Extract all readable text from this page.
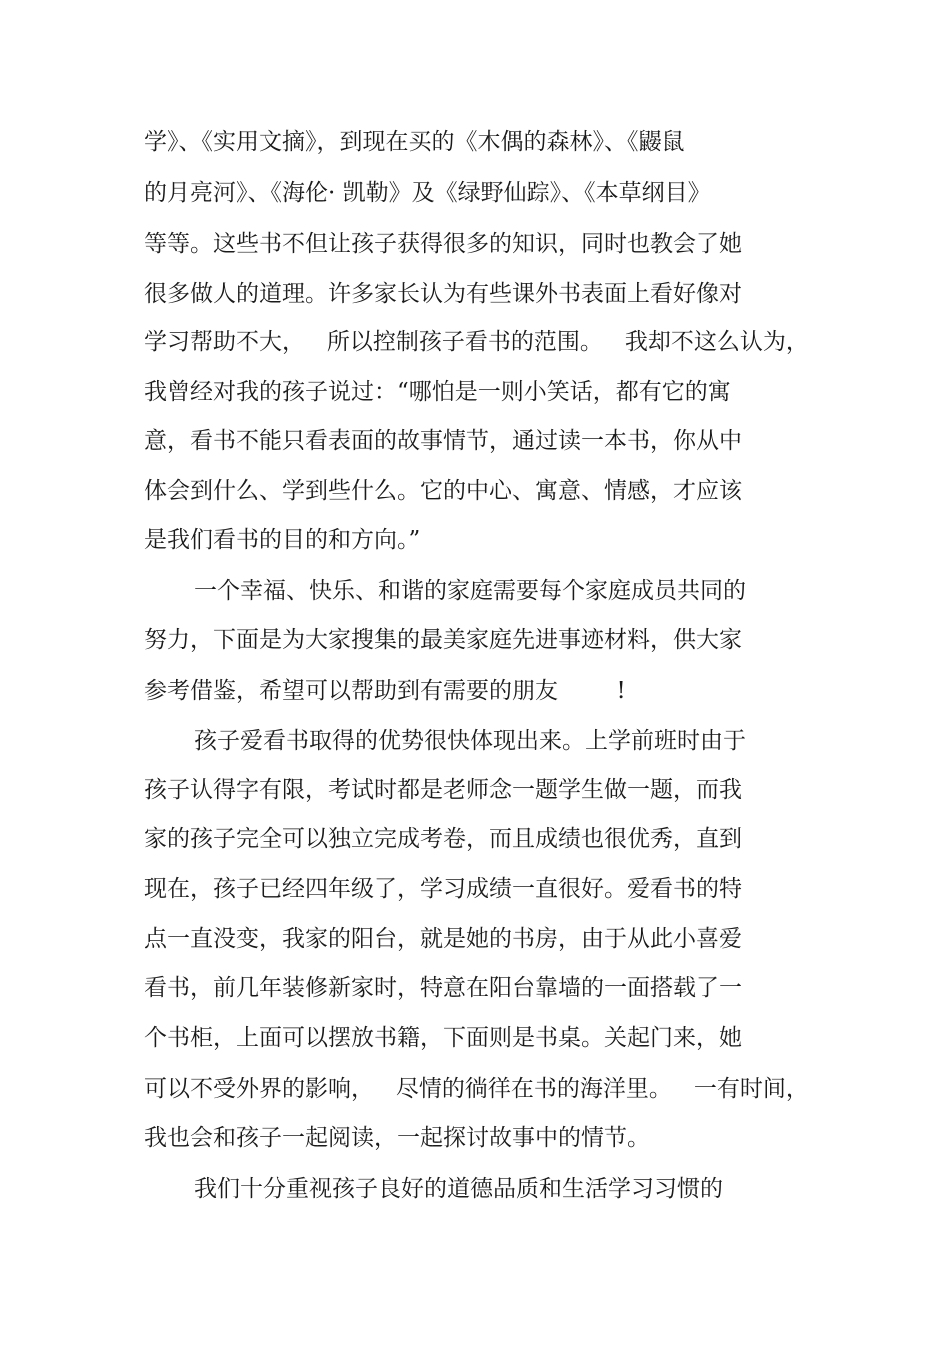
学》、《实用文摘》，到现在买的《木偶的森林》、《鼹鼠
的月亮河》、《海伦· 凯勒》及《绿野仙踪》、《本草纲目》
等等。这些书不但让孩子获得很多的知识，同时也教会了她
很多做人的道理。许多家长认为有些课外书表面上看好像对
学习帮助不大，   所以控制孩子看书的范围。   我却不这么认为，
我曾经对我的孩子说过：“哪怕是一则小笑话，都有它的寓
意，看书不能只看表面的故事情节，通过读一本书，你从中
体会到什么、学到些什么。它的中心、寓意、情感，才应该
是我们看书的目的和方向。”
一个幸福、快乐、和谐的家庭需要每个家庭成员共同的
努力，下面是为大家搜集的最美家庭先进事迹材料，供大家
参考借鉴，希望可以帮助到有需要的朋友        !
孩子爱看书取得的优势很快体现出来。上学前班时由于
孩子认得字有限，考试时都是老师念一题学生做一题，而我
家的孩子完全可以独立完成考卷，而且成绩也很优秀，直到
现在，孩子已经四年级了，学习成绩一直很好。爱看书的特
点一直没变，我家的阳台，就是她的书房，由于从此小喜爱
看书，前几年装修新家时，特意在阳台靠墙的一面搭载了一
个书柜，上面可以摆放书籍，下面则是书桌。关起门来，她
可以不受外界的影响，   尽情的徜徉在书的海洋里。   一有时间，
我也会和孩子一起阅读，一起探讨故事中的情节。
我们十分重视孩子良好的道德品质和生活学习习惯的
